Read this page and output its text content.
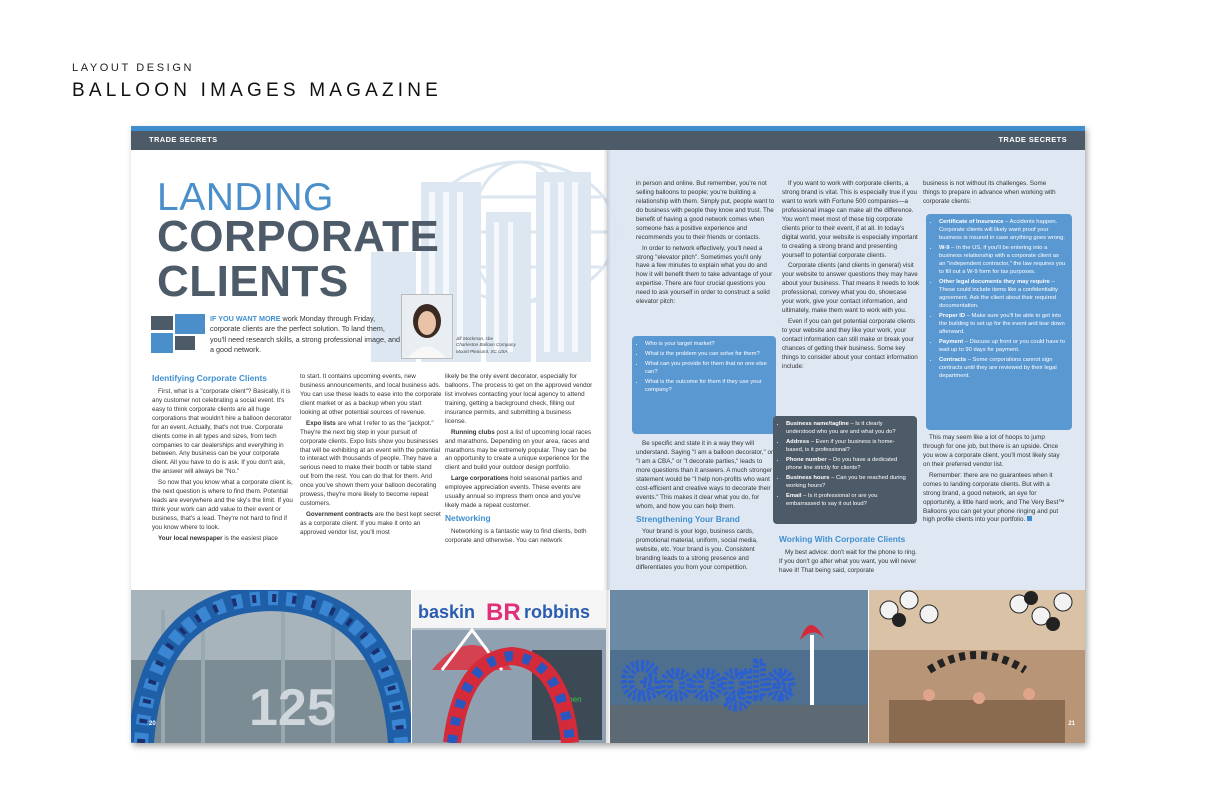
LAYOUT DESIGN
BALLOON IMAGES MAGAZINE
TRADE SECRETS	TRADE SECRETS
LANDING
CORPORATE
CLIENTS
IF YOU WANT MORE work Monday through Friday, corporate clients are the perfect solution. To land them, you'll need research skills, a strong professional image, and a good network.
Jill Stockman, cbe
Charleston Balloon Company
Mount Pleasant, SC USA
Identifying Corporate Clients

First, what is a "corporate client"? Basically, it is any customer not celebrating a social event. It's easy to think corporate clients are all huge corporations that wouldn't hire a balloon decorator for an event. Actually, that's not true. Corporate clients come in all types and sizes, from tech companies to car dealerships and everything in between. Any business can be your corporate client. All you have to do is ask. If you don't ask, the answer will always be "No."

So now that you know what a corporate client is, the next question is where to find them. Potential leads are everywhere and the sky's the limit. If you think your work can add value to their event or business, that's a lead. They're not hard to find if you know where to look.

Your local newspaper is the easiest place

to start. It contains upcoming events, new business announcements, and local business ads. You can use these leads to ease into the corporate client market or as a backup when you start looking at other potential sources of revenue.

Expo lists are what I refer to as the "jackpot." They're the next big step in your pursuit of corporate clients. Expo lists show you businesses that will be exhibiting at an event with the potential to interact with thousands of people. They have a serious need to make their booth or table stand out from the rest. You can do that for them. And once you've shown them your balloon decorating prowess, they're more likely to become repeat customers.

Government contracts are the best kept secret as a corporate client. If you make it onto an approved vendor list, you'll most

likely be the only event decorator, especially for balloons. The process to get on the approved vendor list involves contacting your local agency to attend training, getting a background check, filling out insurance permits, and submitting a business license.

Running clubs post a list of upcoming local races and marathons. Depending on your area, races and marathons may be extremely popular. They can be an opportunity to create a unique experience for the client and build your outdoor design portfolio.

Large corporations hold seasonal parties and employee appreciation events. These events are usually annual so impress them once and you've likely made a repeat customer.

Networking

Networking is a fantastic way to find clients, both corporate and otherwise. You can network

in person and online. But remember, you're not selling balloons to people; you're building a relationship with them. Simply put, people want to do business with people they know and trust. The benefit of having a good network comes when someone has a positive experience and recommends you to their friends or contacts.

In order to network effectively, you'll need a strong "elevator pitch". Sometimes you'll only have a few minutes to explain what you do and how it will benefit them to take advantage of your expertise. There are four crucial questions you need to ask yourself in order to construct a solid elevator pitch:

• Who is your target market?
• What is the problem you can solve for them?
• What can you provide for them that no one else can?
• What is the outcome for them if they use your company?

Be specific and state it in a way they will understand. Saying "I am a balloon decorator," or "I am a CBA," or "I decorate parties," leads to more questions than it answers. A much stronger statement would be "I help non-profits who want cost-efficient and creative ways to decorate their events." This makes it clear what you do, for whom, and how you can help them.

Strengthening Your Brand

Your brand is your logo, business cards, promotional material, uniform, social media, website, etc. Your brand is you. Consistent branding leads to a strong presence and differentiates you from your competition.

If you want to work with corporate clients, a strong brand is vital. This is especially true if you want to work with Fortune 500 companies—a professional image can make all the difference. You won't meet most of these big corporate clients prior to their event, if at all. In today's digital world, your website is especially important to creating a strong brand and presenting yourself to potential corporate clients.

Corporate clients (and clients in general) visit your website to answer questions they may have about your business. That means it needs to look professional, convey what you do, showcase your work, give your contact information, and ultimately, make them want to work with you.

Even if you can get potential corporate clients to your website and they like your work, your contact information can still make or break your chances of getting their business. Some key things to consider about your contact information include:

• Business name/tagline – Is it clearly understood who you are and what you do?
• Address – Even if your business is home-based, is it professional?
• Phone number – Do you have a dedicated phone line strictly for clients?
• Business hours – Can you be reached during working hours?
• Email – Is it professional or are you embarrassed to say it out loud?
Working With Corporate Clients

My best advice: don't wait for the phone to ring. If you don't go after what you want, you will never have it! That being said, corporate

business is not without its challenges. Some things to prepare in advance when working with corporate clients:

• Certificate of Insurance – Accidents happen. Corporate clients will likely want proof your business is insured in case anything goes wrong.
• W-9 – In the US, if you'll be entering into a business relationship with a corporate client as an "independent contractor," the law requires you to fill out a W-9 form for tax purposes.
• Other legal documents they may require – These could include items like a confidentiality agreement. Ask the client about their required documentation.
• Proper ID – Make sure you'll be able to get into the building to set up for the event and tear down afterward.
• Payment – Discuss up front or you could have to wait up to 90 days for payment.
• Contracts – Some corporations cannot sign contracts until they are reviewed by their legal department.

This may seem like a lot of hoops to jump through for one job, but there is an upside. Once you wow a corporate client, you'll most likely stay on their preferred vendor list.

Remember: there are no guarantees when it comes to landing corporate clients. But with a strong brand, a good network, an eye for opportunity, a little hard work, and The Very Best™ Balloons you can get your phone ringing and put high profile clients into your portfolio.

125
20
baskin BR robbins
Open Google
21
